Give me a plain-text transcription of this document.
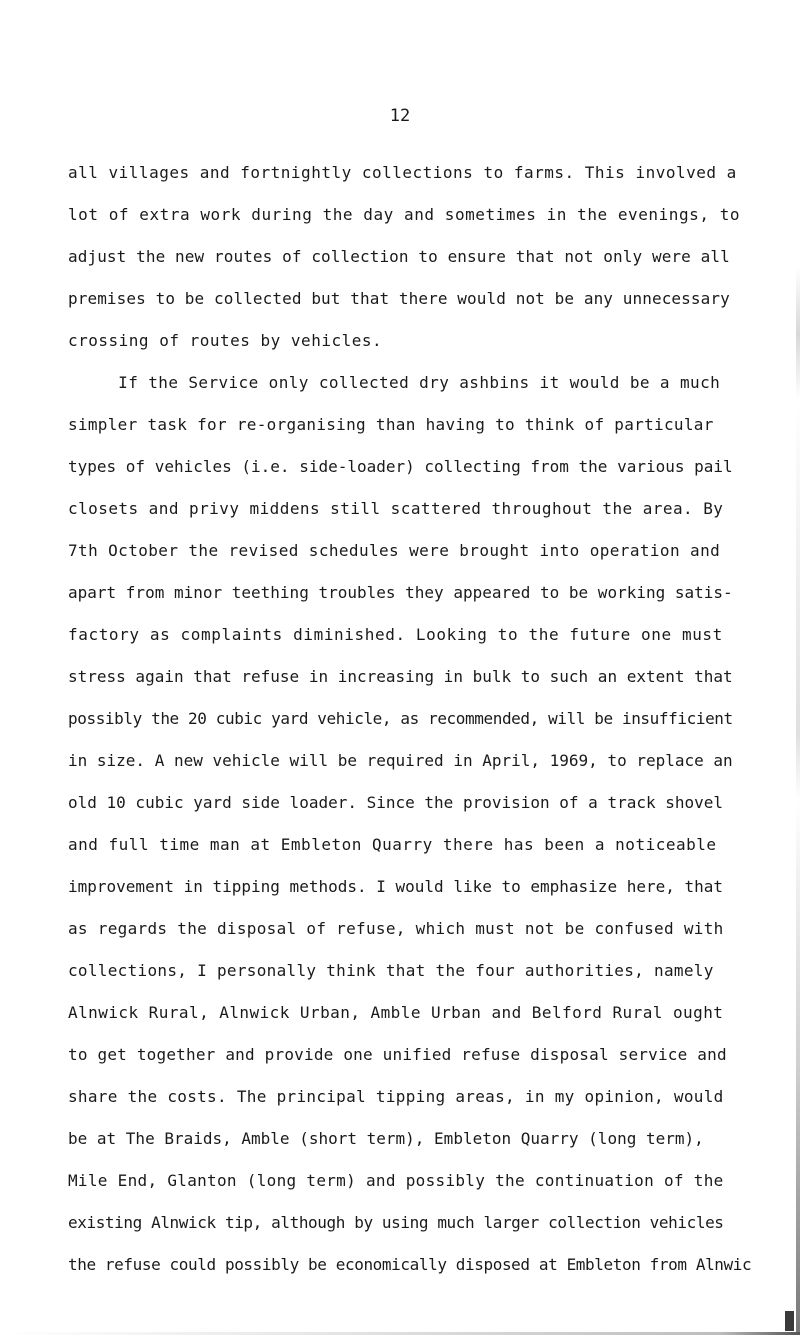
12
all villages and fortnightly collections to farms. This involved a
lot of extra work during the day and sometimes in the evenings, to
adjust the new routes of collection to ensure that not only were all
premises to be collected but that there would not be any unnecessary
crossing of routes by vehicles.
If the Service only collected dry ashbins it would be a much
simpler task for re-organising than having to think of particular
types of vehicles (i.e. side-loader) collecting from the various pail
closets and privy middens still scattered throughout the area. By
7th October the revised schedules were brought into operation and
apart from minor teething troubles they appeared to be working satis-
factory as complaints diminished. Looking to the future one must
stress again that refuse in increasing in bulk to such an extent that
possibly the 20 cubic yard vehicle, as recommended, will be insufficient
in size. A new vehicle will be required in April, 1969, to replace an
old 10 cubic yard side loader. Since the provision of a track shovel
and full time man at Embleton Quarry there has been a noticeable
improvement in tipping methods. I would like to emphasize here, that
as regards the disposal of refuse, which must not be confused with
collections, I personally think that the four authorities, namely
Alnwick Rural, Alnwick Urban, Amble Urban and Belford Rural ought
to get together and provide one unified refuse disposal service and
share the costs. The principal tipping areas, in my opinion, would
be at The Braids, Amble (short term), Embleton Quarry (long term),
Mile End, Glanton (long term) and possibly the continuation of the
existing Alnwick tip, although by using much larger collection vehicles
the refuse could possibly be economically disposed at Embleton from Alnwic
